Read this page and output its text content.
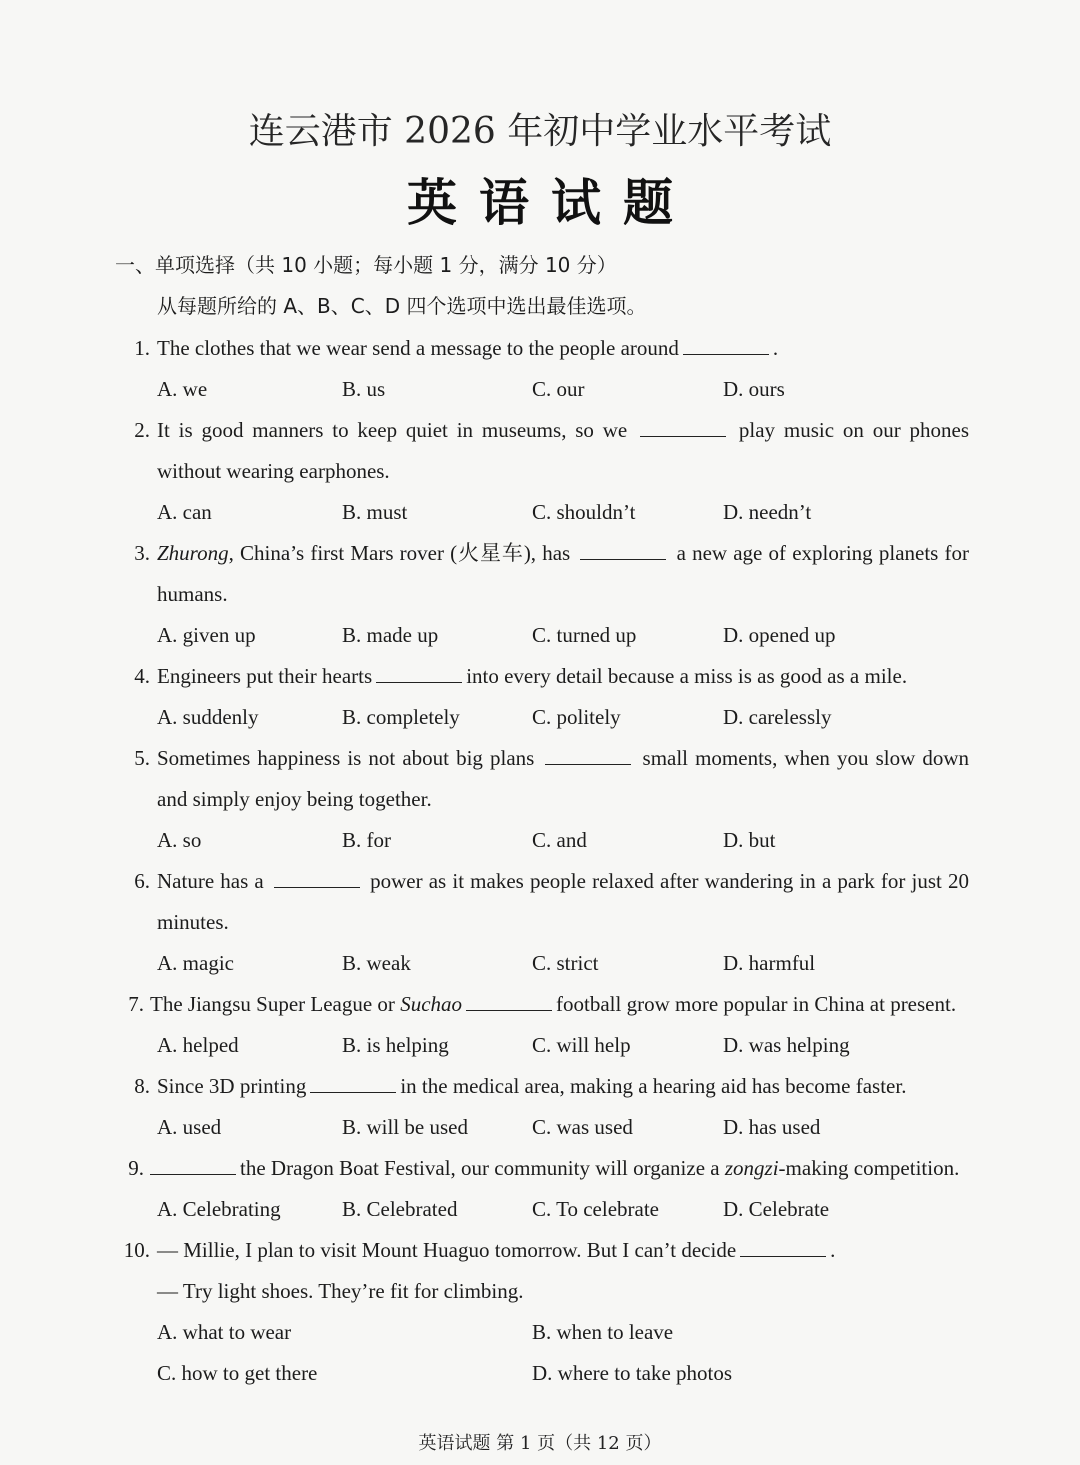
连云港市 2026 年初中学业水平考试
英语试题
一、单项选择（共 10 小题；每小题 1 分，满分 10 分）
从每题所给的 A、B、C、D 四个选项中选出最佳选项。
1. The clothes that we wear send a message to the people around	.
A. we	B. us	C. our	D. ours
2. It is good manners to keep quiet in museums, so we	play music on our phones
without wearing earphones.
A. can	B. must	C. shouldn’t	D. needn’t
3. Zhurong, China’s first Mars rover (火星车), has	a new age of exploring planets for
humans.
A. given up	B. made up	C. turned up	D. opened up
4. Engineers put their hearts	into every detail because a miss is as good as a mile.
A. suddenly	B. completely	C. politely	D. carelessly
5. Sometimes happiness is not about big plans	small moments, when you slow down
and simply enjoy being together.
A. so	B. for	C. and	D. but
6. Nature has a	power as it makes people relaxed after wandering in a park for just 20
minutes.
A. magic	B. weak	C. strict	D. harmful
7. The Jiangsu Super League or Suchao	football grow more popular in China at present.
A. helped	B. is helping	C. will help	D. was helping
8. Since 3D printing	in the medical area, making a hearing aid has become faster.
A. used	B. will be used	C. was used	D. has used
9.	the Dragon Boat Festival, our community will organize a zongzi-making competition.
A. Celebrating	B. Celebrated	C. To celebrate	D. Celebrate
10. — Millie, I plan to visit Mount Huaguo tomorrow. But I can’t decide	.
— Try light shoes. They’re fit for climbing.
A. what to wear	B. when to leave
C. how to get there	D. where to take photos
英语试题 第 1 页（共 12 页）
